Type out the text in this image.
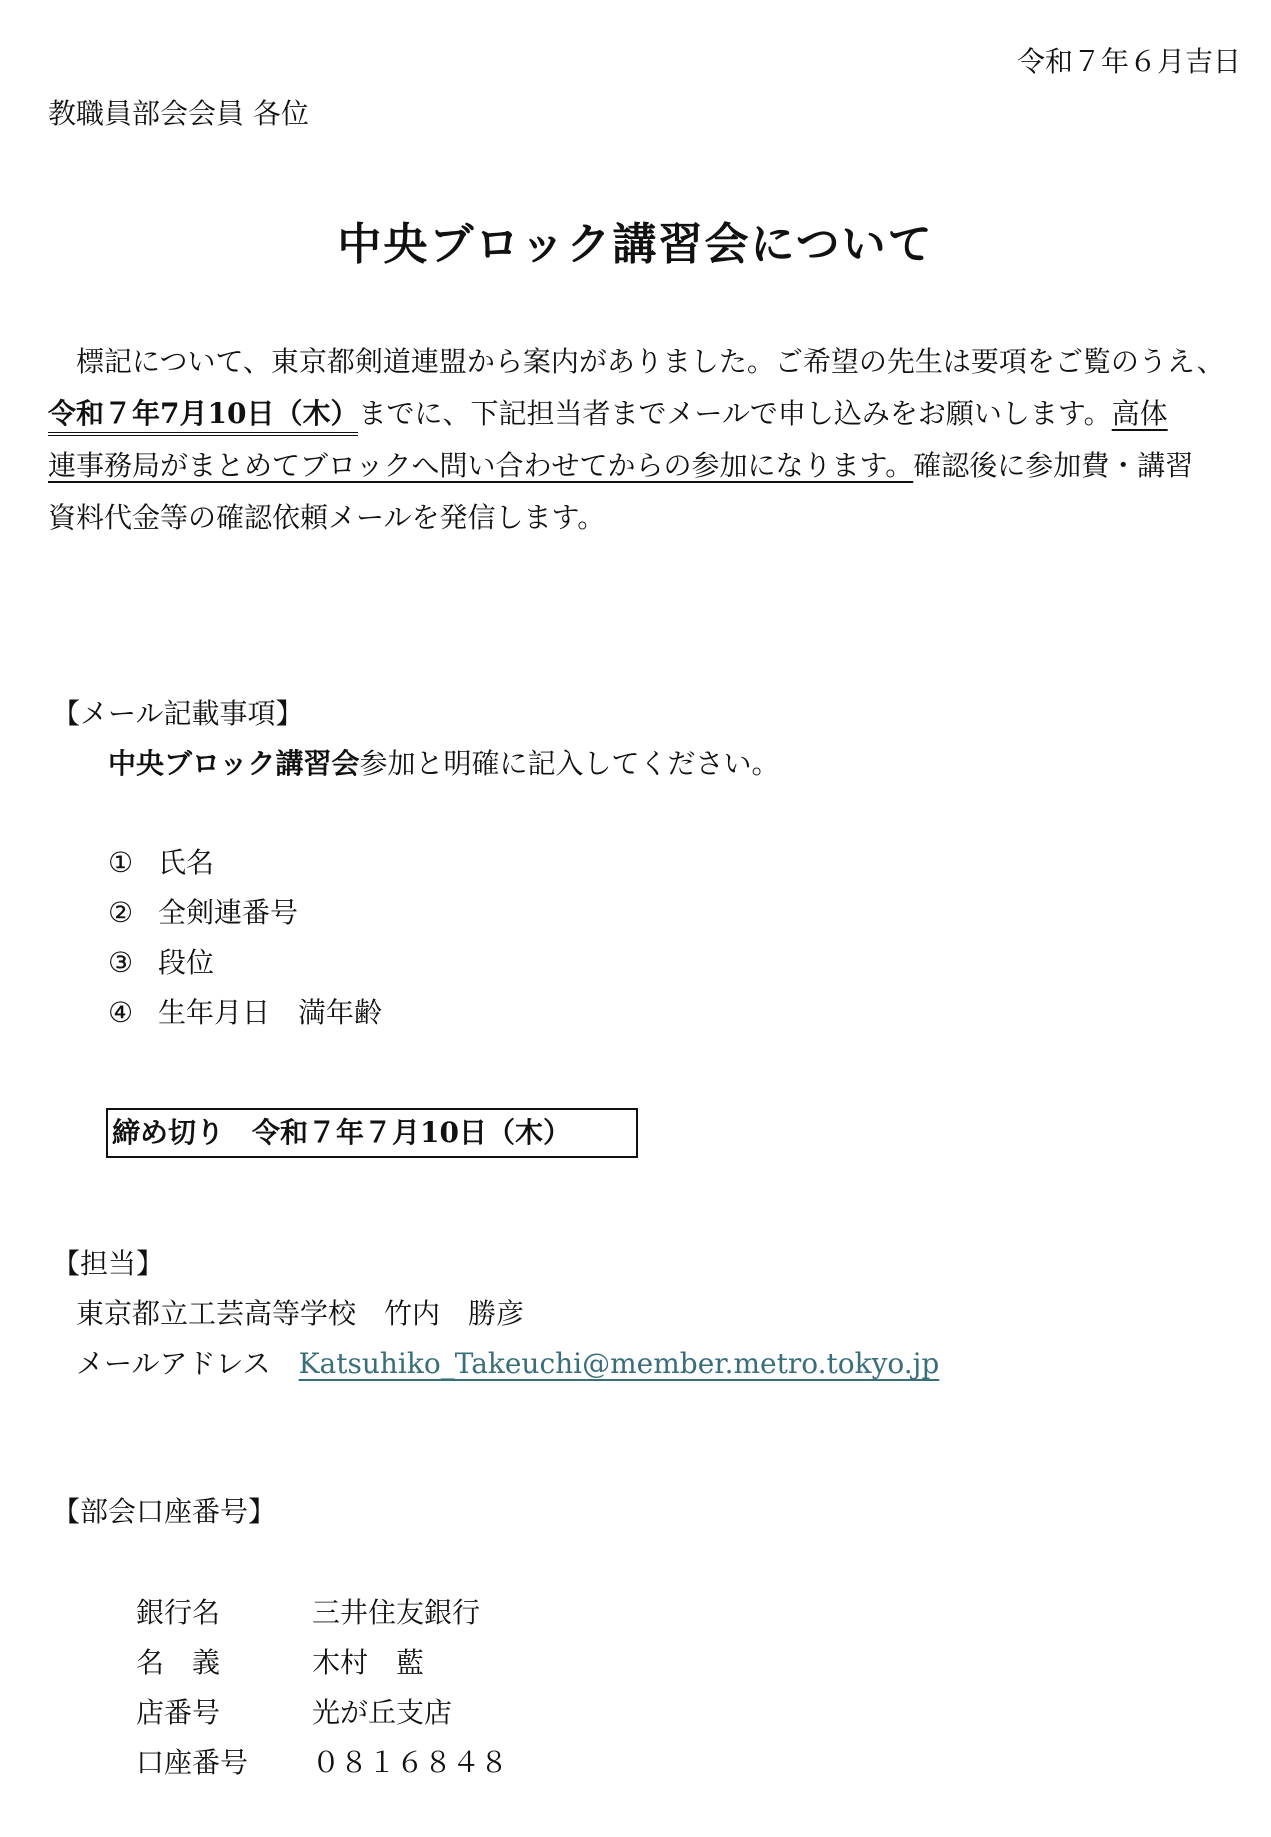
令和７年６月吉日
教職員部会会員 各位
中央ブロック講習会について
　標記について、東京都剣道連盟から案内がありました。ご希望の先生は要項をご覧のうえ、
令和７年7月10日（木）までに、下記担当者までメールで申し込みをお願いします。高体
連事務局がまとめてブロックへ問い合わせてからの参加になります。確認後に参加費・講習
資料代金等の確認依頼メールを発信します。
【メール記載事項】
中央ブロック講習会参加と明確に記入してください。
① 氏名
② 全剣連番号
③ 段位
④ 生年月日　満年齢
締め切り　令和７年７月10日（木）
【担当】
東京都立工芸高等学校　竹内　勝彦
メールアドレス Katsuhiko_Takeuchi@member.metro.tokyo.jp
【部会口座番号】
銀行名	三井住友銀行
名　義	木村　藍
店番号	光が丘支店
口座番号 ０８１６８４８
